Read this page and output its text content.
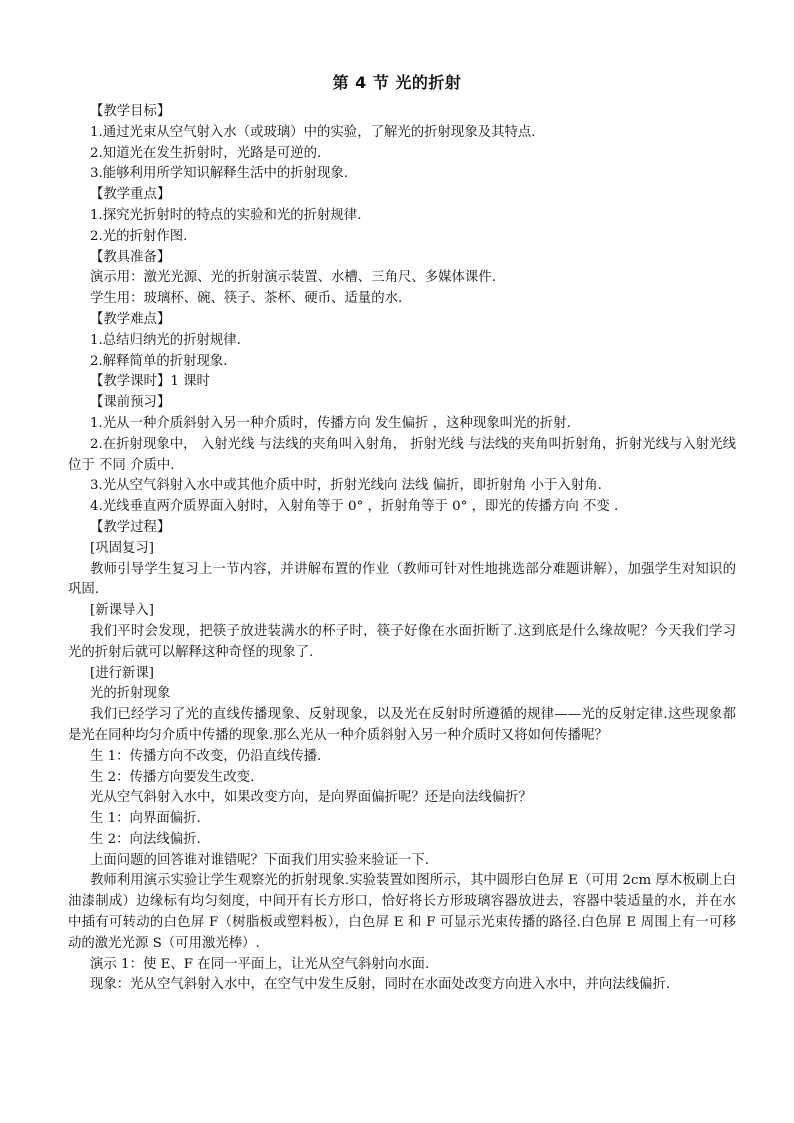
第 4 节 光的折射

【教学目标】

1.通过光束从空气射入水（或玻璃）中的实验，了解光的折射现象及其特点.

2.知道光在发生折射时，光路是可逆的.

3.能够利用所学知识解释生活中的折射现象.

【教学重点】

1.探究光折射时的特点的实验和光的折射规律.

2.光的折射作图.

【教具准备】

演示用：激光光源、光的折射演示装置、水槽、三角尺、多媒体课件.

学生用：玻璃杯、碗、筷子、茶杯、硬币、适量的水.

【教学难点】

1.总结归纳光的折射规律.

2.解释简单的折射现象.

【教学课时】1 课时

【课前预习】

1.光从一种介质斜射入另一种介质时，传播方向 发生偏折 ，这种现象叫光的折射.

2.在折射现象中， 入射光线 与法线的夹角叫入射角， 折射光线 与法线的夹角叫折射角，折射光线与入射光线位于 不同 介质中.

3.光从空气斜射入水中或其他介质中时，折射光线向 法线 偏折，即折射角 小于入射角.

4.光线垂直两介质界面入射时，入射角等于 0° ，折射角等于 0° ，即光的传播方向 不变 .

【教学过程】

[巩固复习]

教师引导学生复习上一节内容，并讲解布置的作业（教师可针对性地挑选部分难题讲解），加强学生对知识的巩固.

[新课导入]

我们平时会发现，把筷子放进装满水的杯子时，筷子好像在水面折断了.这到底是什么缘故呢？今天我们学习光的折射后就可以解释这种奇怪的现象了.

[进行新课]

光的折射现象

我们已经学习了光的直线传播现象、反射现象，以及光在反射时所遵循的规律——光的反射定律.这些现象都是光在同种均匀介质中传播的现象.那么光从一种介质斜射入另一种介质时又将如何传播呢？

生 1：传播方向不改变，仍沿直线传播.

生 2：传播方向要发生改变.

光从空气斜射入水中，如果改变方向，是向界面偏折呢？还是向法线偏折？

生 1：向界面偏折.

生 2：向法线偏折.

上面问题的回答谁对谁错呢？下面我们用实验来验证一下.

教师利用演示实验让学生观察光的折射现象.实验装置如图所示，其中圆形白色屏 E（可用 2cm 厚木板刷上白油漆制成）边缘标有均匀刻度，中间开有长方形口，恰好将长方形玻璃容器放进去，容器中装适量的水，并在水中插有可转动的白色屏 F（树脂板或塑料板），白色屏 E 和 F 可显示光束传播的路径.白色屏 E 周围上有一可移动的激光光源 S（可用激光棒）.

演示 1：使 E、F 在同一平面上，让光从空气斜射向水面.

现象：光从空气斜射入水中，在空气中发生反射，同时在水面处改变方向进入水中，并向法线偏折.
